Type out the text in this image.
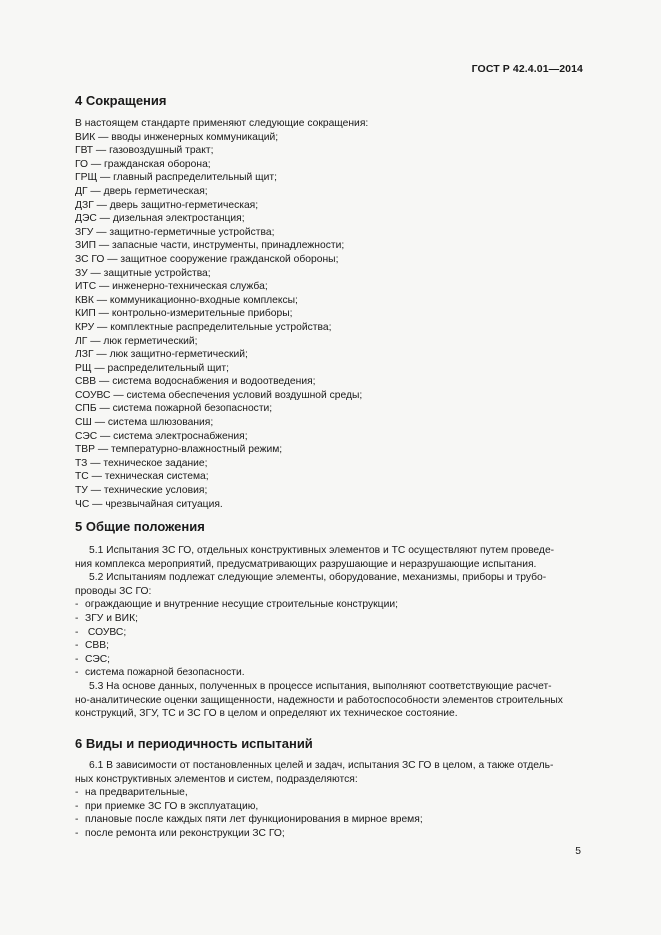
ГОСТ Р 42.4.01—2014
4 Сокращения
В настоящем стандарте применяют следующие сокращения:
ВИК — вводы инженерных коммуникаций;
ГВТ — газовоздушный тракт;
ГО — гражданская оборона;
ГРЩ — главный распределительный щит;
ДГ — дверь герметическая;
ДЗГ — дверь защитно-герметическая;
ДЭС — дизельная электростанция;
ЗГУ — защитно-герметичные устройства;
ЗИП — запасные части, инструменты, принадлежности;
ЗС ГО — защитное сооружение гражданской обороны;
ЗУ — защитные устройства;
ИТС — инженерно-техническая служба;
КВК — коммуникационно-входные комплексы;
КИП — контрольно-измерительные приборы;
КРУ — комплектные распределительные устройства;
ЛГ — люк герметический;
ЛЗГ — люк защитно-герметический;
РЩ — распределительный щит;
СВВ — система водоснабжения и водоотведения;
СОУВС — система обеспечения условий воздушной среды;
СПБ — система пожарной безопасности;
СШ — система шлюзования;
СЭС — система электроснабжения;
ТВР — температурно-влажностный режим;
ТЗ — техническое задание;
ТС — техническая система;
ТУ — технические условия;
ЧС — чрезвычайная ситуация.
5 Общие положения
5.1 Испытания ЗС ГО, отдельных конструктивных элементов и ТС осуществляют путем проведе-
ния комплекса мероприятий, предусматривающих разрушающие и неразрушающие испытания.
5.2 Испытаниям подлежат следующие элементы, оборудование, механизмы, приборы и трубо-
проводы ЗС ГО:
- ограждающие и внутренние несущие строительные конструкции;
- ЗГУ и ВИК;
- СОУВС;
- СВВ;
- СЭС;
- система пожарной безопасности.
5.3 На основе данных, полученных в процессе испытания, выполняют соответствующие расчет-
но-аналитические оценки защищенности, надежности и работоспособности элементов строительных
конструкций, ЗГУ, ТС и ЗС ГО в целом и определяют их техническое состояние.
6 Виды и периодичность испытаний
6.1 В зависимости от постановленных целей и задач, испытания ЗС ГО в целом, а также отдель-
ных конструктивных элементов и систем, подразделяются:
- на предварительные,
- при приемке ЗС ГО в эксплуатацию,
- плановые после каждых пяти лет функционирования в мирное время;
- после ремонта или реконструкции ЗС ГО;
5
